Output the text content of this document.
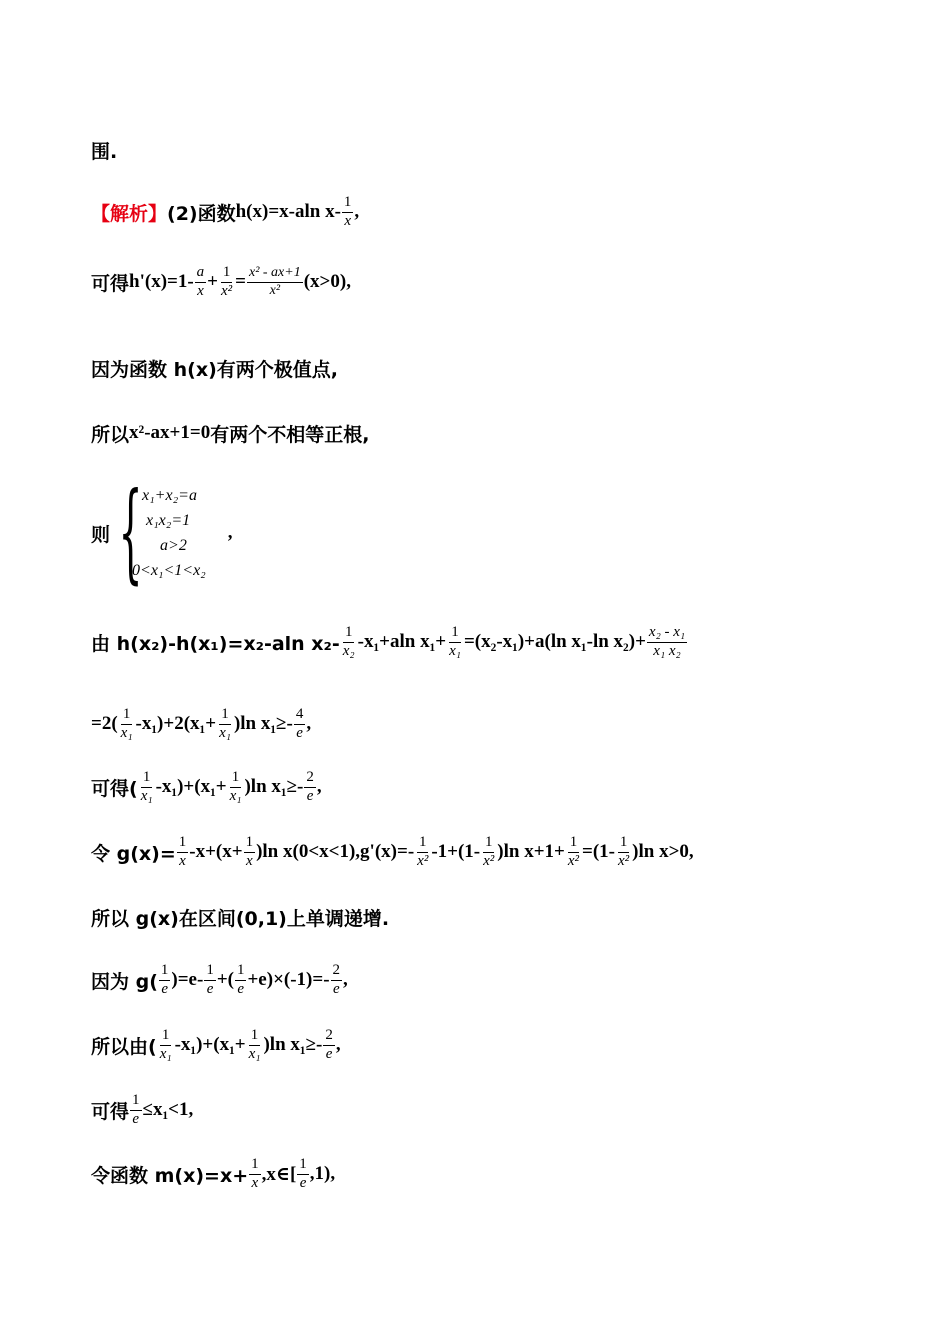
围.
【解析】 (2)函数 h(x)=x-aln $x- \frac{1}{x}$ ,
可得 $h'(x)=1- \frac{a}{x} + \frac{1}{\text{x²}} = \frac{\text{x² - ax+1}}{\text{x²}} (x>0)$,
因为函数 h(x)有两个极值点,
所以 x²-ax+1=0 有两个不相等正根,
则 { x₁+x₂=a
x₁x₂=1
a>2
0<x₁<1<x₂
,
由 h(x₂)-h(x₁)=x₂-aln $x_2- \frac{1}{\text{x₂}} -x_1+aln$ $x_1+ \frac{1}{\text{x₁}} =(x_2-x_1)+a(\ln$ x₁-ln $x_2)+ \frac{\text{x₂ - x₁}}{\text{x₁ x₂}}$
$=2( \frac{1}{\text{x₁}} -x_1)+2(x_1+ \frac{1}{\text{x₁}} )\ln$ $x_1\ge- \frac{4}{e}$ ,
可得( $\frac{1}{\text{x₁}} -x_1)+(x_1+ \frac{1}{\text{x₁}} )\ln$ $x_1\ge- \frac{2}{e}$ ,
令 $g(x)= \frac{1}{x} -x+(x+ \frac{1}{x} )\ln$ $x(0<x<1),g'(x)=- \frac{1}{\text{x²}} -1+(1- \frac{1}{\text{x²}} )\ln$ $x+1+ \frac{1}{\text{x²}} =(1- \frac{1}{\text{x²}} )\ln$ x>0,
所以 g(x)在区间(0,1)上单调递增.
因为 $g( \frac{1}{e} )=e- \frac{1}{e}$ +( $\frac{1}{e} +e)\times(-1)=- \frac{2}{e}$ ,
所以由( $\frac{1}{\text{x₁}} -x_1)+(x_1+ \frac{1}{\text{x₁}} )\ln$ $x_1\ge- \frac{2}{e}$ ,
可得 $\frac{1}{e} \le x_1<1$,
令函数 $m(x)=x+ \frac{1}{x}$ ,x∈[ $\frac{1}{e} ,1$),
